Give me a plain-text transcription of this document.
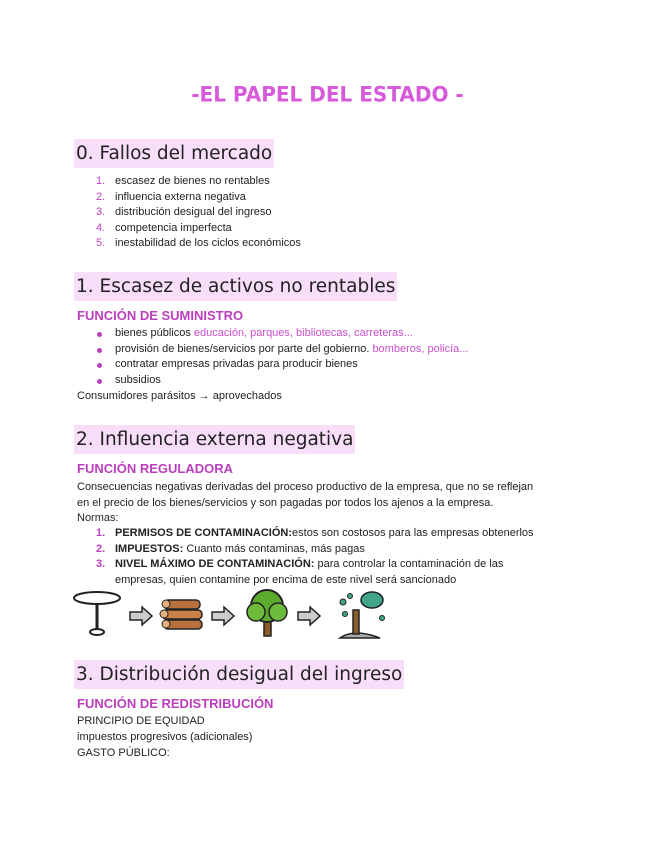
-EL PAPEL DEL ESTADO -
0. Fallos del mercado
1. escasez de bienes no rentables
2. influencia externa negativa
3. distribución desigual del ingreso
4. competencia imperfecta
5. inestabilidad de los ciclos económicos
1. Escasez de activos no rentables
FUNCIÓN DE SUMINISTRO
bienes públicos educación, parques, bibliotecas, carreteras...
provisión de bienes/servicios por parte del gobierno. bomberos, policía...
contratar empresas privadas para producir bienes
subsidios
Consumidores parásitos → aprovechados
2. Influencia externa negativa
FUNCIÓN REGULADORA
Consecuencias negativas derivadas del proceso productivo de la empresa, que no se reflejan
en el precio de los bienes/servicios y son pagadas por todos los ajenos a la empresa.
Normas:
1. PERMISOS DE CONTAMINACIÓN:estos son costosos para las empresas obtenerlos
2. IMPUESTOS: Cuanto más contaminas, más pagas
3. NIVEL MÁXIMO DE CONTAMINACIÓN: para controlar la contaminación de las
empresas, quien contamine por encima de este nivel será sancionado
3. Distribución desigual del ingreso
FUNCIÓN DE REDISTRIBUCIÓN
PRINCIPIO DE EQUIDAD
impuestos progresivos (adicionales)
GASTO PÚBLICO:
